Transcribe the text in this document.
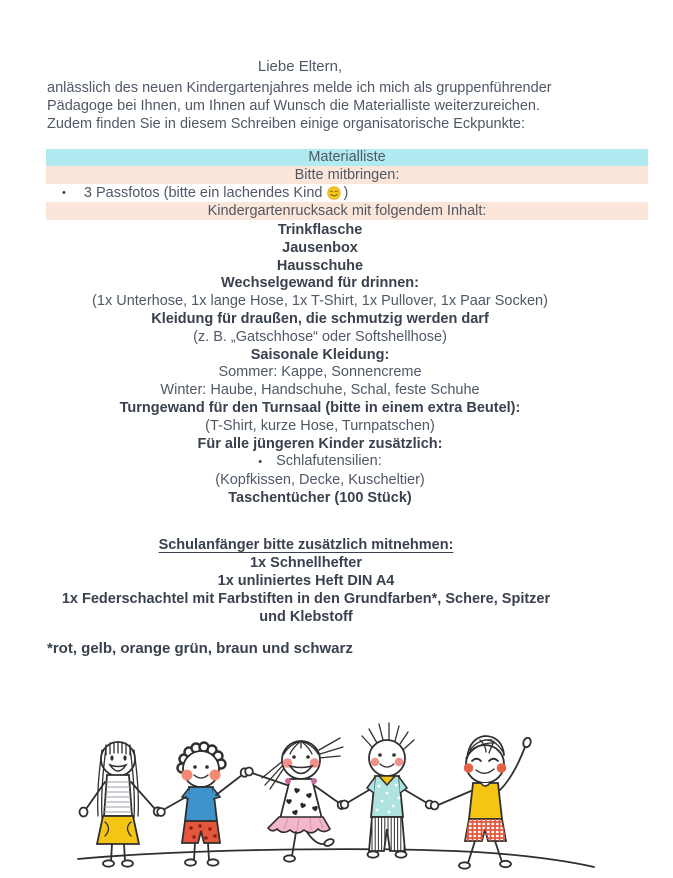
Liebe Eltern,
anlässlich des neuen Kindergartenjahres melde ich mich als gruppenführender
Pädagoge bei Ihnen, um Ihnen auf Wunsch die Materialliste weiterzureichen.
Zudem finden Sie in diesem Schreiben einige organisatorische Eckpunkte:
Materialliste
Bitte mitbringen:
• 3 Passfotos (bitte ein lachendes Kind )
Kindergartenrucksack mit folgendem Inhalt:
Trinkflasche
Jausenbox
Hausschuhe
Wechselgewand für drinnen:
(1x Unterhose, 1x lange Hose, 1x T-Shirt, 1x Pullover, 1x Paar Socken)
Kleidung für draußen, die schmutzig werden darf
(z. B. „Gatschhose“ oder Softshellhose)
Saisonale Kleidung:
Sommer: Kappe, Sonnencreme
Winter: Haube, Handschuhe, Schal, feste Schuhe
Turngewand für den Turnsaal (bitte in einem extra Beutel):
(T-Shirt, kurze Hose, Turnpatschen)
Für alle jüngeren Kinder zusätzlich:
• Schlafutensilien:
(Kopfkissen, Decke, Kuscheltier)
Taschentücher (100 Stück)
Schulanfänger bitte zusätzlich mitnehmen:
1x Schnellhefter
1x unliniertes Heft DIN A4
1x Federschachtel mit Farbstiften in den Grundfarben*, Schere, Spitzer
und Klebstoff
*rot, gelb, orange grün, braun und schwarz
